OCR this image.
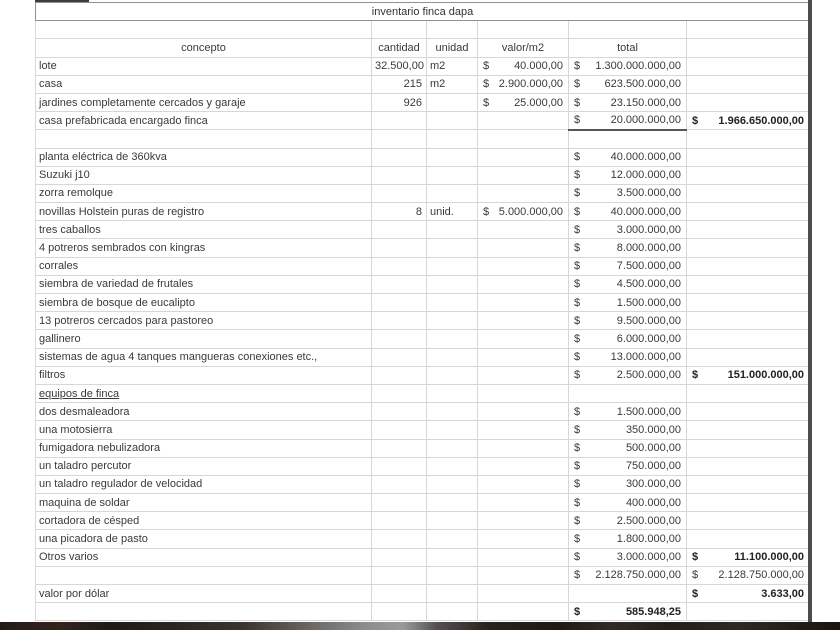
inventario finca dapa					

concepto	cantidad	unidad	valor/m2	total	
lote	32.500,00	m2	$ 40.000,00	$ 1.300.000.000,00	

casa	215	m2	$ 2.900.000,00	$ 623.500.000,00	

jardines completamente cercados y garaje	926		$ 25.000,00	$ 23.150.000,00	

casa prefabricada encargado finca				$ 20.000.000,00	$ 1.966.650.000,00

planta eléctrica de 360kva				$ 40.000.000,00	

Suzuki j10				$ 12.000.000,00	

zorra remolque				$ 3.500.000,00	

novillas Holstein puras de registro	8	unid.	$ 5.000.000,00	$ 40.000.000,00	

tres caballos				$ 3.000.000,00	

4 potreros sembrados con kingras				$ 8.000.000,00	

corrales				$ 7.500.000,00	

siembra de variedad de frutales				$ 4.500.000,00	

siembra de bosque de eucalipto				$ 1.500.000,00	

13 potreros cercados para pastoreo				$ 9.500.000,00	

gallinero				$ 6.000.000,00	

sistemas de agua 4 tanques mangueras conexiones etc.,				$ 13.000.000,00	

filtros				$ 2.500.000,00	$ 151.000.000,00

equipos de finca					
dos desmaleadora				$ 1.500.000,00	

una motosierra				$ 350.000,00	

fumigadora nebulizadora				$ 500.000,00	

un taladro percutor				$ 750.000,00	

un taladro regulador de velocidad				$ 300.000,00	

maquina de soldar				$ 400.000,00	

cortadora de césped				$ 2.500.000,00	

una picadora de pasto				$ 1.800.000,00	

Otros varios				$ 3.000.000,00	$ 11.100.000,00

				$ 2.128.750.000,00	$ 2.128.750.000,00

valor por dólar					$ 3.633,00

				$ 585.948,25	
